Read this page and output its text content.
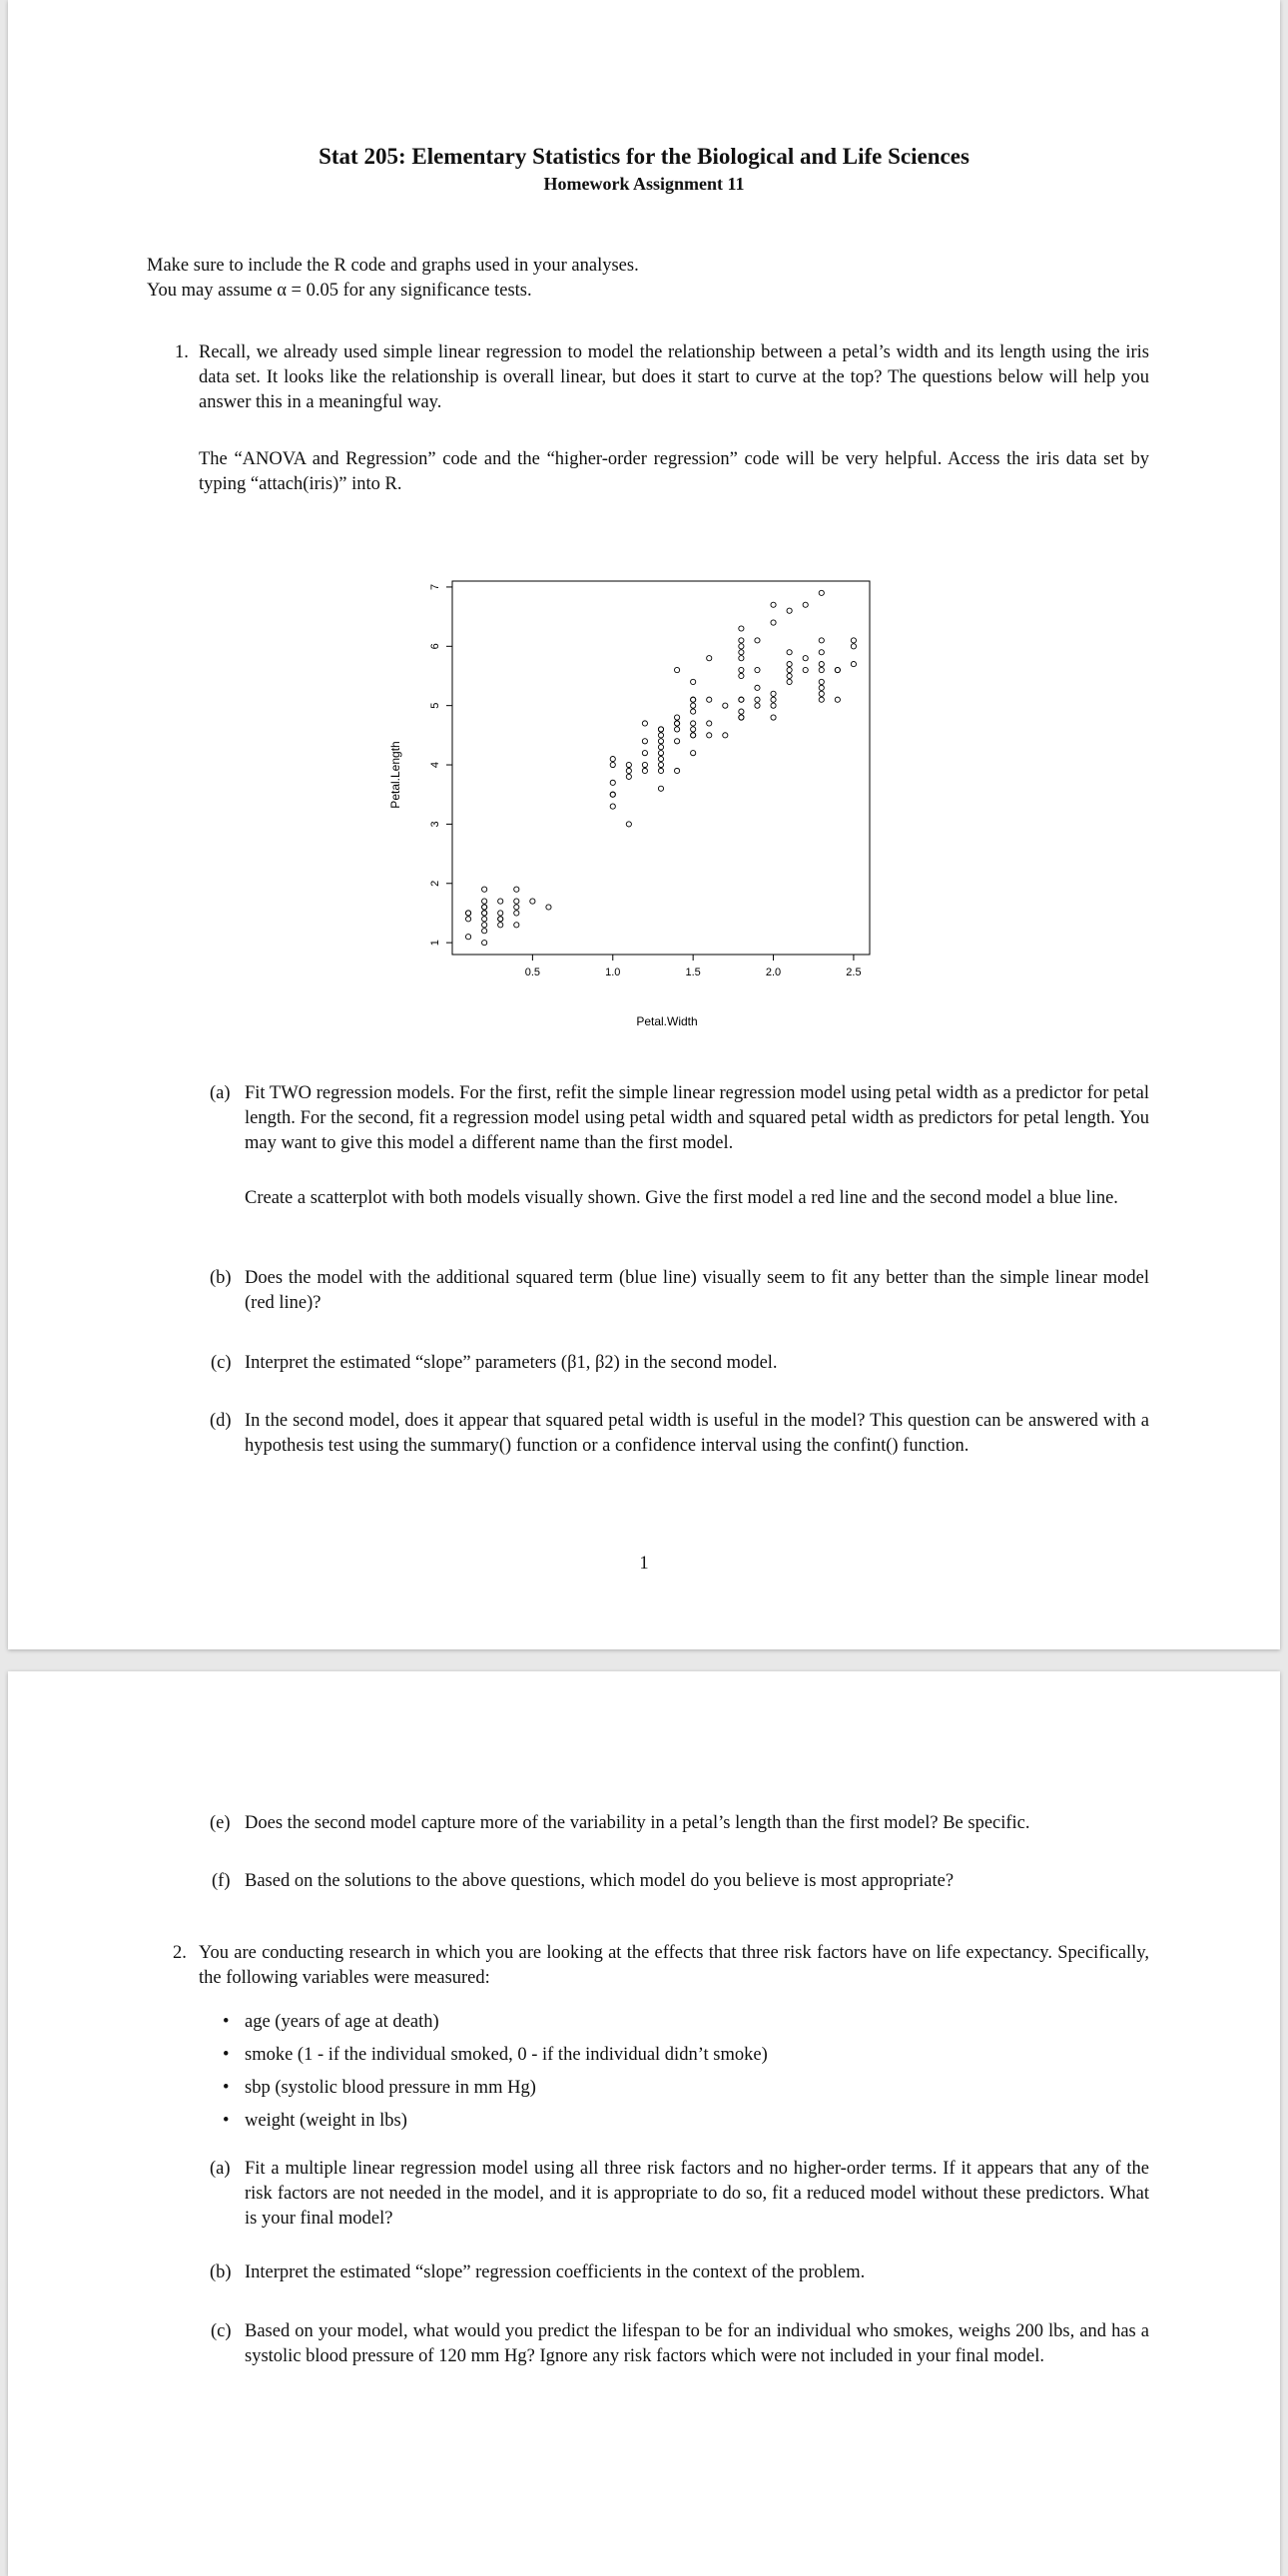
Stat 205: Elementary Statistics for the Biological and Life Sciences
Homework Assignment 11
Make sure to include the R code and graphs used in your analyses.
You may assume α = 0.05 for any significance tests.
1. Recall, we already used simple linear regression to model the relationship between a petal’s width and its length using the iris data set. It looks like the relationship is overall linear, but does it start to curve at the top? The questions below will help you answer this in a meaningful way.
The “ANOVA and Regression” code and the “higher-order regression” code will be very helpful. Access the iris data set by typing “attach(iris)” into R.
0.5	1.0	1.5	2.0	2.5
1
2
3
4
5
6
7
Petal.Width
Petal.Length
(a) Fit TWO regression models. For the first, refit the simple linear regression model using petal width as a predictor for petal length. For the second, fit a regression model using petal width and squared petal width as predictors for petal length. You may want to give this model a different name than the first model.
Create a scatterplot with both models visually shown. Give the first model a red line and the second model a blue line.
(b) Does the model with the additional squared term (blue line) visually seem to fit any better than the simple linear model (red line)?
(c) Interpret the estimated “slope” parameters (β1, β2) in the second model.
(d) In the second model, does it appear that squared petal width is useful in the model? This question can be answered with a hypothesis test using the summary() function or a confidence interval using the confint() function.
1
(e) Does the second model capture more of the variability in a petal’s length than the first model? Be specific.
(f) Based on the solutions to the above questions, which model do you believe is most appropriate?
2. You are conducting research in which you are looking at the effects that three risk factors have on life expectancy. Specifically, the following variables were measured:
• age (years of age at death)
• smoke (1 - if the individual smoked, 0 - if the individual didn’t smoke)
• sbp (systolic blood pressure in mm Hg)
• weight (weight in lbs)
(a) Fit a multiple linear regression model using all three risk factors and no higher-order terms. If it appears that any of the risk factors are not needed in the model, and it is appropriate to do so, fit a reduced model without these predictors. What is your final model?
(b) Interpret the estimated “slope” regression coefficients in the context of the problem.
(c) Based on your model, what would you predict the lifespan to be for an individual who smokes, weighs 200 lbs, and has a systolic blood pressure of 120 mm Hg? Ignore any risk factors which were not included in your final model.
